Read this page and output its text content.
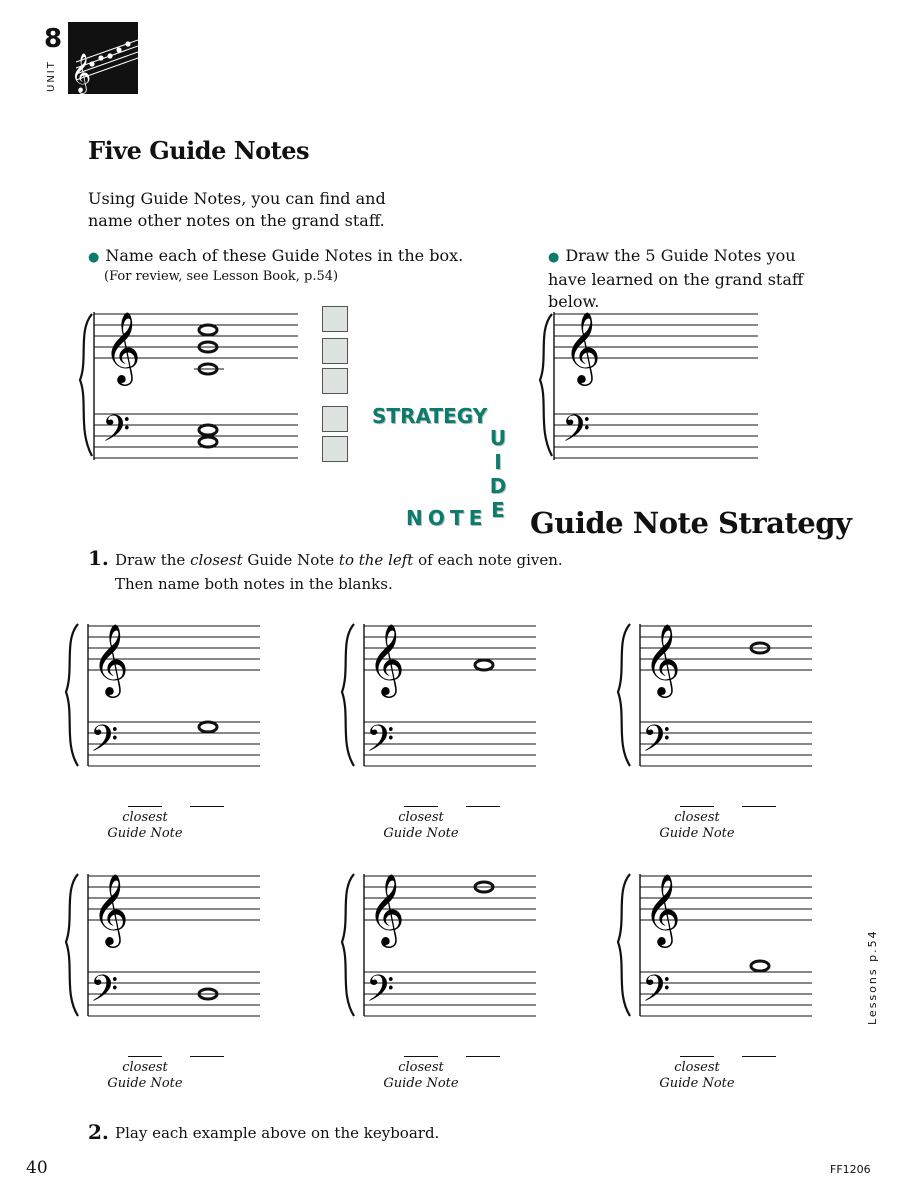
8
UNIT 𝄞
Five Guide Notes
Using Guide Notes, you can find and name other notes on the grand staff.
● Name each of these Guide Notes in the box.
(For review, see Lesson Book, p.54)
● Draw the 5 Guide Notes you have learned on the grand staff below.
𝄞
𝄢	STRATEGY
U
I
D
E
N O T E
𝄞
𝄢
Guide Note Strategy
1. Draw the closest Guide Note to the left of each note given.
Then name both notes in the blanks.
𝄞
𝄢
𝄞
𝄢
𝄞
𝄢
closest
Guide Note
closest
Guide Note
closest
Guide Note
𝄞
𝄢
𝄞
𝄢
𝄞
𝄢
closest
Guide Note
closest
Guide Note
closest
Guide Note
2. Play each example above on the keyboard.
Lessons p.54
40	FF1206
